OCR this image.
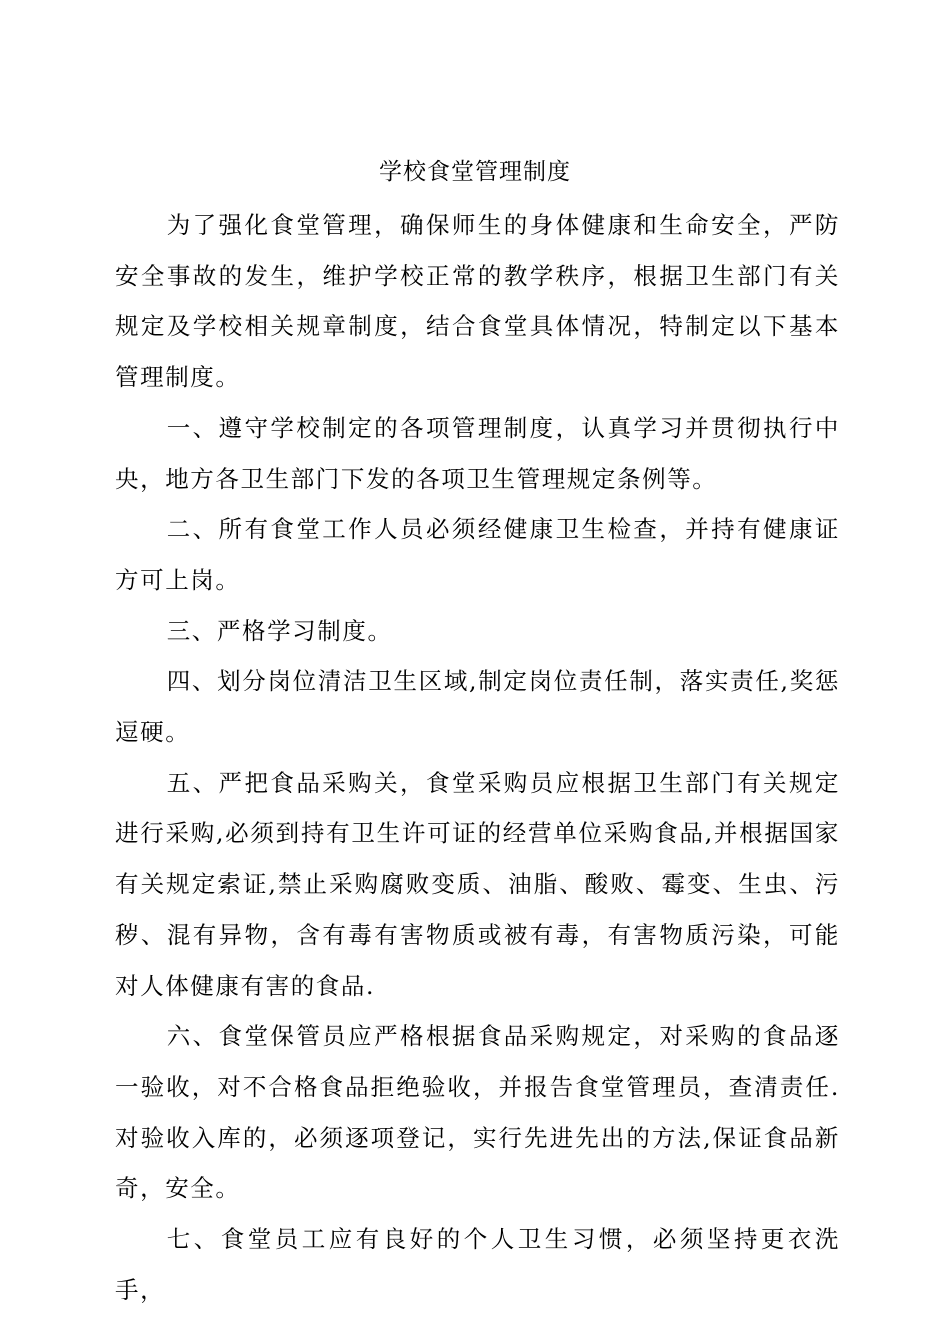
学校食堂管理制度

为了强化食堂管理，确保师生的身体健康和生命安全，严防安全事故的发生，维护学校正常的教学秩序，根据卫生部门有关规定及学校相关规章制度，结合食堂具体情况，特制定以下基本管理制度。

一、遵守学校制定的各项管理制度，认真学习并贯彻执行中央，地方各卫生部门下发的各项卫生管理规定条例等。

二、所有食堂工作人员必须经健康卫生检查，并持有健康证方可上岗。

三、严格学习制度。

四、划分岗位清洁卫生区域,制定岗位责任制，落实责任,奖惩逗硬。

五、严把食品采购关，食堂采购员应根据卫生部门有关规定进行采购,必须到持有卫生许可证的经营单位采购食品,并根据国家有关规定索证,禁止采购腐败变质、油脂、酸败、霉变、生虫、污秽、混有异物，含有毒有害物质或被有毒，有害物质污染，可能对人体健康有害的食品.

六、食堂保管员应严格根据食品采购规定，对采购的食品逐一验收，对不合格食品拒绝验收，并报告食堂管理员，查清责任.对验收入库的，必须逐项登记，实行先进先出的方法,保证食品新奇，安全。

七、食堂员工应有良好的个人卫生习惯，必须坚持更衣洗手，
